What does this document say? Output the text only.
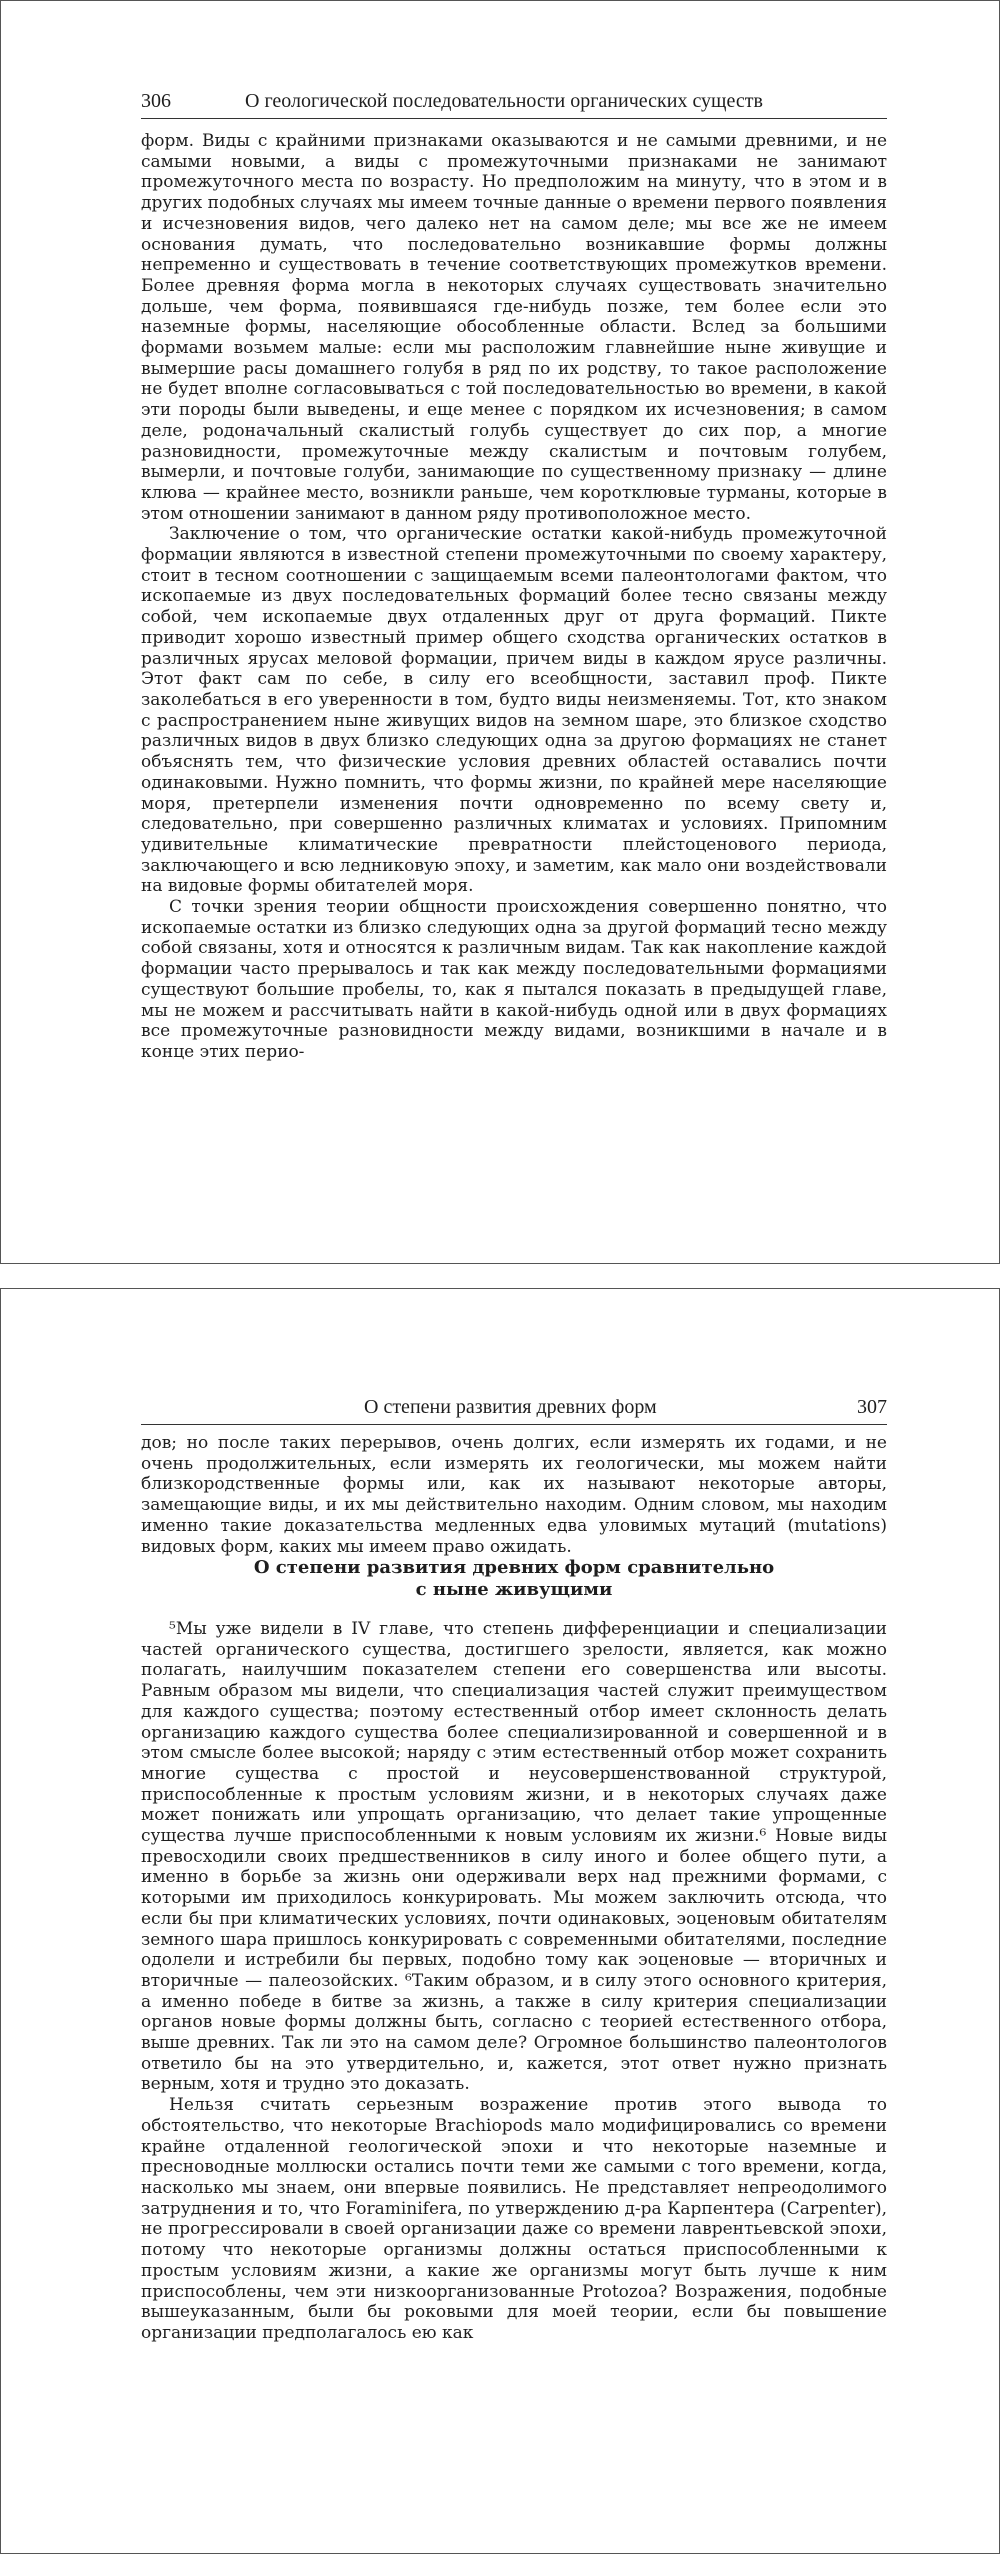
306	О геологической последовательности органических существ

форм. Виды с крайними признаками оказываются и не самыми древними, и не самыми новыми, а виды с промежуточными признаками не занимают промежуточного места по возрасту. Но предположим на минуту, что в этом и в других подобных случаях мы имеем точные данные о времени первого появления и исчезновения видов, чего далеко нет на самом деле; мы все же не имеем основания думать, что последовательно возникавшие формы должны непременно и существовать в течение соответствующих промежутков времени. Более древняя форма могла в некоторых случаях существовать значительно дольше, чем форма, появившаяся где-нибудь позже, тем более если это наземные формы, населяющие обособленные области. Вслед за большими формами возьмем малые: если мы расположим главнейшие ныне живущие и вымершие расы домашнего голубя в ряд по их родству, то такое расположение не будет вполне согласовываться с той последовательностью во времени, в какой эти породы были выведены, и еще менее с порядком их исчезновения; в самом деле, родоначальный скалистый голубь существует до сих пор, а многие разновидности, промежуточные между скалистым и почтовым голубем, вымерли, и почтовые голуби, занимающие по существенному признаку — длине клюва — крайнее место, возникли раньше, чем коротклювые турманы, которые в этом отношении занимают в данном ряду противоположное место.

Заключение о том, что органические остатки какой-нибудь промежуточной формации являются в известной степени промежуточными по своему характеру, стоит в тесном соотношении с защищаемым всеми палеонтологами фактом, что ископаемые из двух последовательных формаций более тесно связаны между собой, чем ископаемые двух отдаленных друг от друга формаций. Пикте приводит хорошо известный пример общего сходства органических остатков в различных ярусах меловой формации, причем виды в каждом ярусе различны. Этот факт сам по себе, в силу его всеобщности, заставил проф. Пикте заколебаться в его уверенности в том, будто виды неизменяемы. Тот, кто знаком с распространением ныне живущих видов на земном шаре, это близкое сходство различных видов в двух близко следующих одна за другою формациях не станет объяснять тем, что физические условия древних областей оставались почти одинаковыми. Нужно помнить, что формы жизни, по крайней мере населяющие моря, претерпели изменения почти одновременно по всему свету и, следовательно, при совершенно различных климатах и условиях. Припомним удивительные климатические превратности плейстоценового периода, заключающего и всю ледниковую эпоху, и заметим, как мало они воздействовали на видовые формы обитателей моря.

С точки зрения теории общности происхождения совершенно понятно, что ископаемые остатки из близко следующих одна за другой формаций тесно между собой связаны, хотя и относятся к различным видам. Так как накопление каждой формации часто прерывалось и так как между последовательными формациями существуют большие пробелы, то, как я пытался показать в предыдущей главе, мы не можем и рассчитывать найти в какой-нибудь одной или в двух формациях все промежуточные разновидности между видами, возникшими в начале и в конце этих перио-

О степени развития древних форм	307

дов; но после таких перерывов, очень долгих, если измерять их годами, и не очень продолжительных, если измерять их геологически, мы можем найти близкородственные формы или, как их называют некоторые авторы, замещающие виды, и их мы действительно находим. Одним словом, мы находим именно такие доказательства медленных едва уловимых мутаций (mutations) видовых форм, каких мы имеем право ожидать.

О степени развития древних форм сравнительно
с ныне живущими

⁵Мы уже видели в IV главе, что степень дифференциации и специализации частей органического существа, достигшего зрелости, является, как можно полагать, наилучшим показателем степени его совершенства или высоты. Равным образом мы видели, что специализация частей служит преимуществом для каждого существа; поэтому естественный отбор имеет склонность делать организацию каждого существа более специализированной и совершенной и в этом смысле более высокой; наряду с этим естественный отбор может сохранить многие существа с простой и неусовершенствованной структурой, приспособленные к простым условиям жизни, и в некоторых случаях даже может понижать или упрощать организацию, что делает такие упрощенные существа лучше приспособленными к новым условиям их жизни.⁶ Новые виды превосходили своих предшественников в силу иного и более общего пути, а именно в борьбе за жизнь они одерживали верх над прежними формами, с которыми им приходилось конкурировать. Мы можем заключить отсюда, что если бы при климатических условиях, почти одинаковых, эоценовым обитателям земного шара пришлось конкурировать с современными обитателями, последние одолели и истребили бы первых, подобно тому как эоценовые — вторичных и вторичные — палеозойских. ⁶Таким образом, и в силу этого основного критерия, а именно победе в битве за жизнь, а также в силу критерия специализации органов новые формы должны быть, согласно с теорией естественного отбора, выше древних. Так ли это на самом деле? Огромное большинство палеонтологов ответило бы на это утвердительно, и, кажется, этот ответ нужно признать верным, хотя и трудно это доказать.

Нельзя считать серьезным возражение против этого вывода то обстоятельство, что некоторые Brachiopods мало модифицировались со времени крайне отдаленной геологической эпохи и что некоторые наземные и пресноводные моллюски остались почти теми же самыми с того времени, когда, насколько мы знаем, они впервые появились. Не представляет непреодолимого затруднения и то, что Foraminifera, по утверждению д-ра Карпентера (Carpenter), не прогрессировали в своей организации даже со времени лаврентьевской эпохи, потому что некоторые организмы должны остаться приспособленными к простым условиям жизни, а какие же организмы могут быть лучше к ним приспособлены, чем эти низкоорганизованные Protozoa? Возражения, подобные вышеуказанным, были бы роковыми для моей теории, если бы повышение организации предполагалось ею как
